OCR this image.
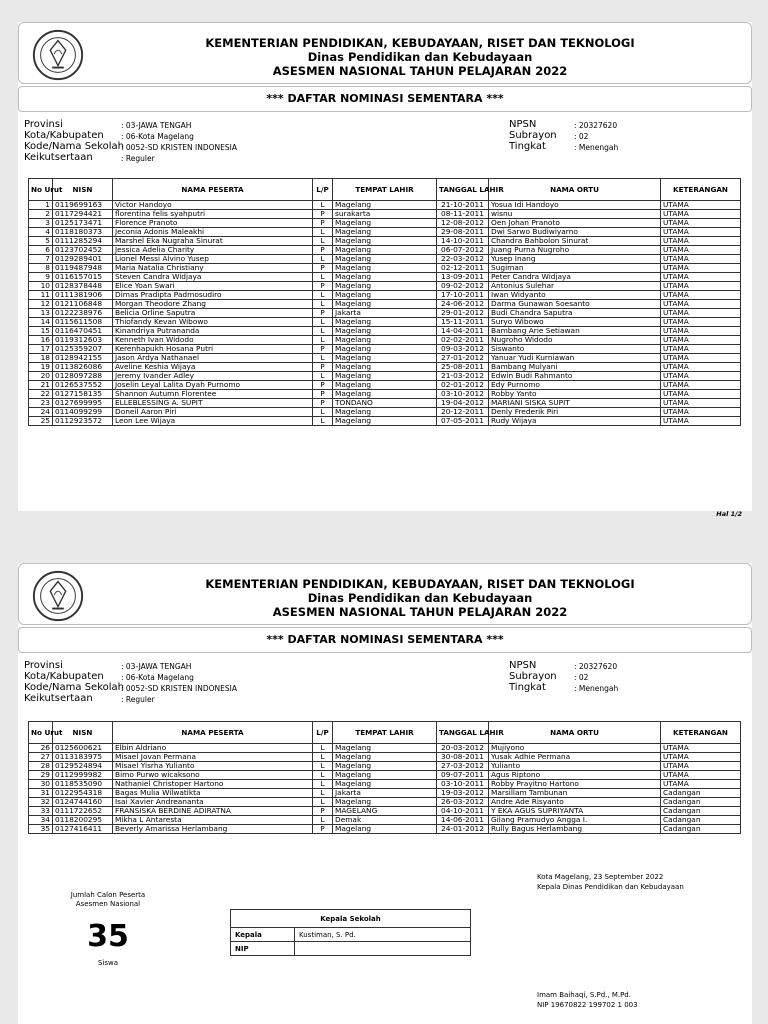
KEMENTERIAN PENDIDIKAN, KEBUDAYAAN, RISET DAN TEKNOLOGI
Dinas Pendidikan dan Kebudayaan
ASESMEN NASIONAL TAHUN PELAJARAN 2022
*** DAFTAR NOMINASI SEMENTARA ***
Provinsi	: 03-JAWA TENGAH
Kota/Kabupaten : 06-Kota Magelang
Kode/Nama Sekolah
: 0052-SD KRISTEN INDONESIA
Keikutsertaan	: Reguler
NPSN	: 20327620
Subrayon : 02
Tingkat	: Menengah
No Urut	NISN	NAMA PESERTA	L/P	TEMPAT LAHIR	TANGGAL LAHIR	NAMA ORTU	KETERANGAN
1	0119699163	Victor Handoyo	L	Magelang	21-10-2011	Yosua Idi Handoyo	UTAMA
2	0117294421	florentina felis syahputri	P	surakarta	08-11-2011	wisnu	UTAMA
3	0125173471	Florence Pranoto	P	Magelang	12-08-2012	Oen Johan Pranoto	UTAMA
4	0118180373	Jeconia Adonis Maleakhi	L	Magelang	29-08-2011	Dwi Sarwo Budiwiyarno	UTAMA
5	0111285294	Marshel Eka Nugraha Sinurat	L	Magelang	14-10-2011	Chandra Bahbolon Sinurat	UTAMA
6	0123702452	Jessica Adelia Charity	P	Magelang	06-07-2012	Juang Purna Nugroho	UTAMA
7	0129289401	Lionel Messi Alvino Yusep	L	Magelang	22-03-2012	Yusep Inang	UTAMA
8	0119487948	Maria Natalia Christiany	P	Magelang	02-12-2011	Sugiman	UTAMA
9	0116157015	Steven Candra Widjaya	L	Magelang	13-09-2011	Peter Candra Widjaya	UTAMA
10	0128378448	Elice Yoan Swari	P	Magelang	09-02-2012	Antonius Sulehar	UTAMA
11	0111381906	Dimas Pradipta Padmosudiro	L	Magelang	17-10-2011	Iwan Widyanto	UTAMA
12	0121106848	Morgan Theodore Zhang	L	Magelang	24-06-2012	Darma Gunawan Soesanto	UTAMA
13	0122238976	Belicia Orline Saputra	P	Jakarta	29-01-2012	Budi Chandra Saputra	UTAMA
14	0115611508	Thiofandy Kevan Wibowo	L	Magelang	15-11-2011	Suryo Wibowo	UTAMA
15	0116470451	Kinandriya Putrananda	L	Magelang	14-04-2011	Bambang Arie Setiawan	UTAMA
16	0119312603	Kenneth Ivan Widodo	L	Magelang	02-02-2011	Nugroho Widodo	UTAMA
17	0125359207	Kerenhapukh Hosana Putri	P	Magelang	09-03-2012	Siswanto	UTAMA
18	0128942155	Jason Ardya Nathanael	L	Magelang	27-01-2012	Yanuar Yudi Kurniawan	UTAMA
19	0113826086	Aveline Keshia Wijaya	P	Magelang	25-08-2011	Bambang Mulyani	UTAMA
20	0128097288	Jeremy Ivander Adley	L	Magelang	21-03-2012	Edwin Budi Rahmanto	UTAMA
21	0126537552	Joselin Leyal Lalita Dyah Purnomo	P	Magelang	02-01-2012	Edy Purnomo	UTAMA
22	0127158135	Shannon Autumn Florentee	P	Magelang	03-10-2012	Robby Yanto	UTAMA
23	0127699995	ELLEBLESSING A. SUPIT	P	TONDANO	19-04-2012	MARIANI SISKA SUPIT	UTAMA
24	0114099299	Doneil Aaron Piri	L	Magelang	20-12-2011	Denly Frederik Piri	UTAMA
25	0112923572	Leon Lee Wijaya	L	Magelang	07-05-2011	Rudy Wijaya	UTAMA
Hal 1/2
KEMENTERIAN PENDIDIKAN, KEBUDAYAAN, RISET DAN TEKNOLOGI
Dinas Pendidikan dan Kebudayaan
ASESMEN NASIONAL TAHUN PELAJARAN 2022
*** DAFTAR NOMINASI SEMENTARA ***
Provinsi	: 03-JAWA TENGAH
Kota/Kabupaten : 06-Kota Magelang
Kode/Nama Sekolah
: 0052-SD KRISTEN INDONESIA
Keikutsertaan	: Reguler
NPSN	: 20327620
Subrayon : 02
Tingkat	: Menengah
No Urut	NISN	NAMA PESERTA	L/P	TEMPAT LAHIR	TANGGAL LAHIR	NAMA ORTU	KETERANGAN
26	0125600621	Elbin Aldriano	L	Magelang	20-03-2012	Mujiyono	UTAMA
27	0113183975	Misael Jovan Permana	L	Magelang	30-08-2011	Yusak Adhie Permana	UTAMA
28	0129524894	Misael Yisrha Yulianto	L	Magelang	27-03-2012	Yulianto	UTAMA
29	0112999982	Bimo Purwo wicaksono	L	Magelang	09-07-2011	Agus Riptono	UTAMA
30	0118535090	Nathaniel Christoper Hartono	L	Magelang	03-10-2011	Robby Prayitno Hartono	UTAMA
31	0122954318	Bagas Mulia Wilwatikta	L	Jakarta	19-03-2012	Marsillam Tambunan	Cadangan
32	0124744160	Isai Xavier Andreananta	L	Magelang	26-03-2012	Andre Ade Risyanto	Cadangan
33	0111722652	FRANSISKA BERDINE ADIRATNA	P	MAGELANG	04-10-2011	Y EKA AGUS SUPRIYANTA	Cadangan
34	0118200295	Mikha L Antaresta	L	Demak	14-06-2011	Gilang Pramudyo Angga I.	Cadangan
35	0127416411	Beverly Amarissa Herlambang	P	Magelang	24-01-2012	Rully Bagus Herlambang	Cadangan
Jumlah Calon Peserta
Asesmen Nasional
35
Siswa
Kepala Sekolah	
Kepala	Kustiman, S. Pd.
NIP	
Kota Magelang, 23 September 2022
Kepala Dinas Pendidikan dan Kebudayaan
Imam Baihaqi, S.Pd., M.Pd.
NIP 19670822 199702 1 003
